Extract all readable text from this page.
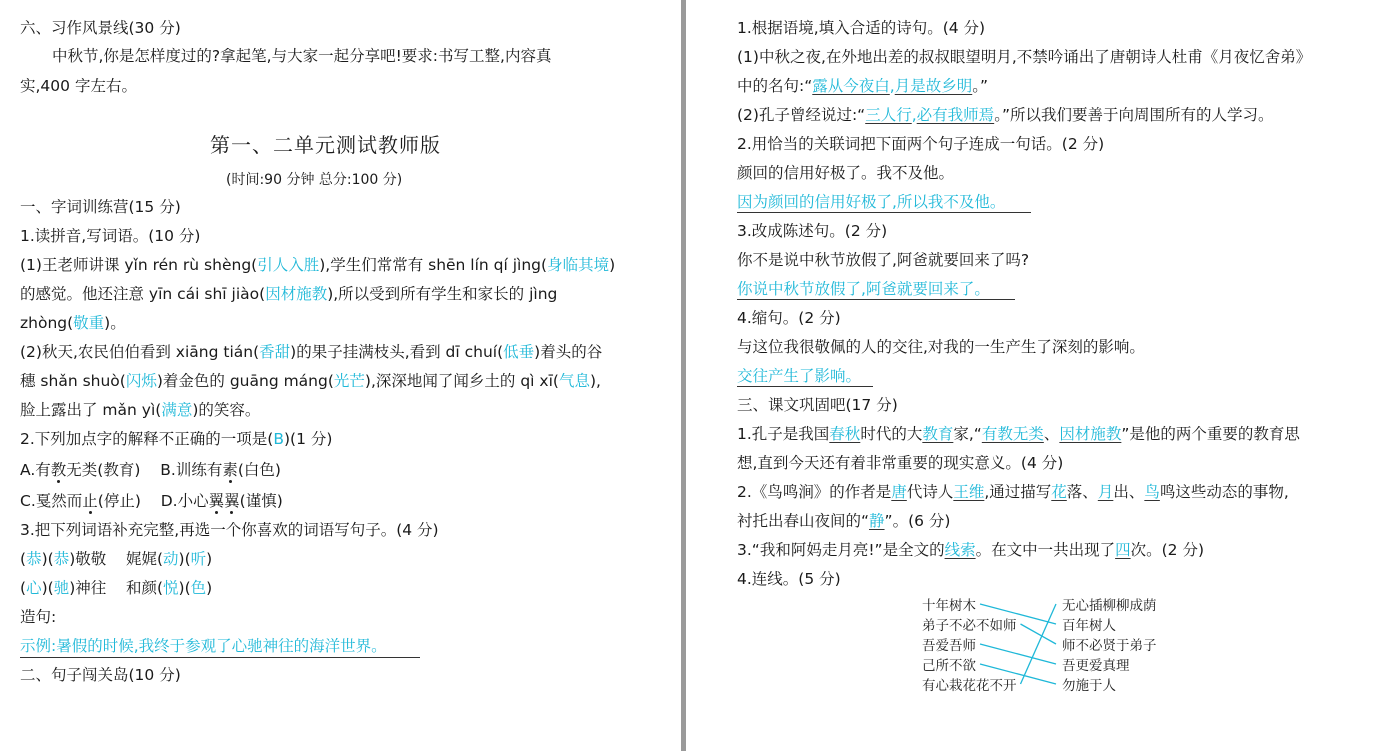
六、习作风景线(30 分)
中秋节,你是怎样度过的?拿起笔,与大家一起分享吧!要求:书写工整,内容真
实,400 字左右。
第一、二单元测试教师版
(时间:90 分钟 总分:100 分)
一、字词训练营(15 分)
1.读拼音,写词语。(10 分)
(1)王老师讲课 yǐn rén rù shèng(引人入胜),学生们常常有 shēn lín qí jìng(身临其境)
的感觉。他还注意 yīn cái shī jiào(因材施教),所以受到所有学生和家长的 jìng
zhòng(敬重)。
(2)秋天,农民伯伯看到 xiāng tián(香甜)的果子挂满枝头,看到 dī chuí(低垂)着头的谷
穗 shǎn shuò(闪烁)着金色的 guāng máng(光芒),深深地闻了闻乡土的 qì xī(气息),
脸上露出了 mǎn yì(满意)的笑容。
2.下列加点字的解释不正确的一项是(B)(1 分)
A.有教无类(教育) B.训练有素(白色)
C.戛然而止(停止) D.小心翼翼(谨慎)
3.把下列词语补充完整,再选一个你喜欢的词语写句子。(4 分)
(恭)(恭)敬敬    娓娓(动)(听)
(心)(驰)神往    和颜(悦)(色)
造句:
示例:暑假的时候,我终于参观了心驰神往的海洋世界。
二、句子闯关岛(10 分)
1.根据语境,填入合适的诗句。(4 分)
(1)中秋之夜,在外地出差的叔叔眼望明月,不禁吟诵出了唐朝诗人杜甫《月夜忆舍弟》
中的名句:“露从今夜白,月是故乡明。”
(2)孔子曾经说过:“三人行,必有我师焉。”所以我们要善于向周围所有的人学习。
2.用恰当的关联词把下面两个句子连成一句话。(2 分)
颜回的信用好极了。我不及他。
因为颜回的信用好极了,所以我不及他。
3.改成陈述句。(2 分)
你不是说中秋节放假了,阿爸就要回来了吗?
你说中秋节放假了,阿爸就要回来了。
4.缩句。(2 分)
与这位我很敬佩的人的交往,对我的一生产生了深刻的影响。
交往产生了影响。
三、课文巩固吧(17 分)
1.孔子是我国春秋时代的大教育家,“有教无类、因材施教”是他的两个重要的教育思
想,直到今天还有着非常重要的现实意义。(4 分)
2.《鸟鸣涧》的作者是唐代诗人王维,通过描写花落、月出、鸟鸣这些动态的事物,
衬托出春山夜间的“静”。(6 分)
3.“我和阿妈走月亮!”是全文的线索。在文中一共出现了四次。(2 分)
4.连线。(5 分)
十年树木
弟子不必不如师
吾爱吾师
己所不欲
有心栽花花不开
无心插柳柳成荫
百年树人
师不必贤于弟子
吾更爱真理
勿施于人
